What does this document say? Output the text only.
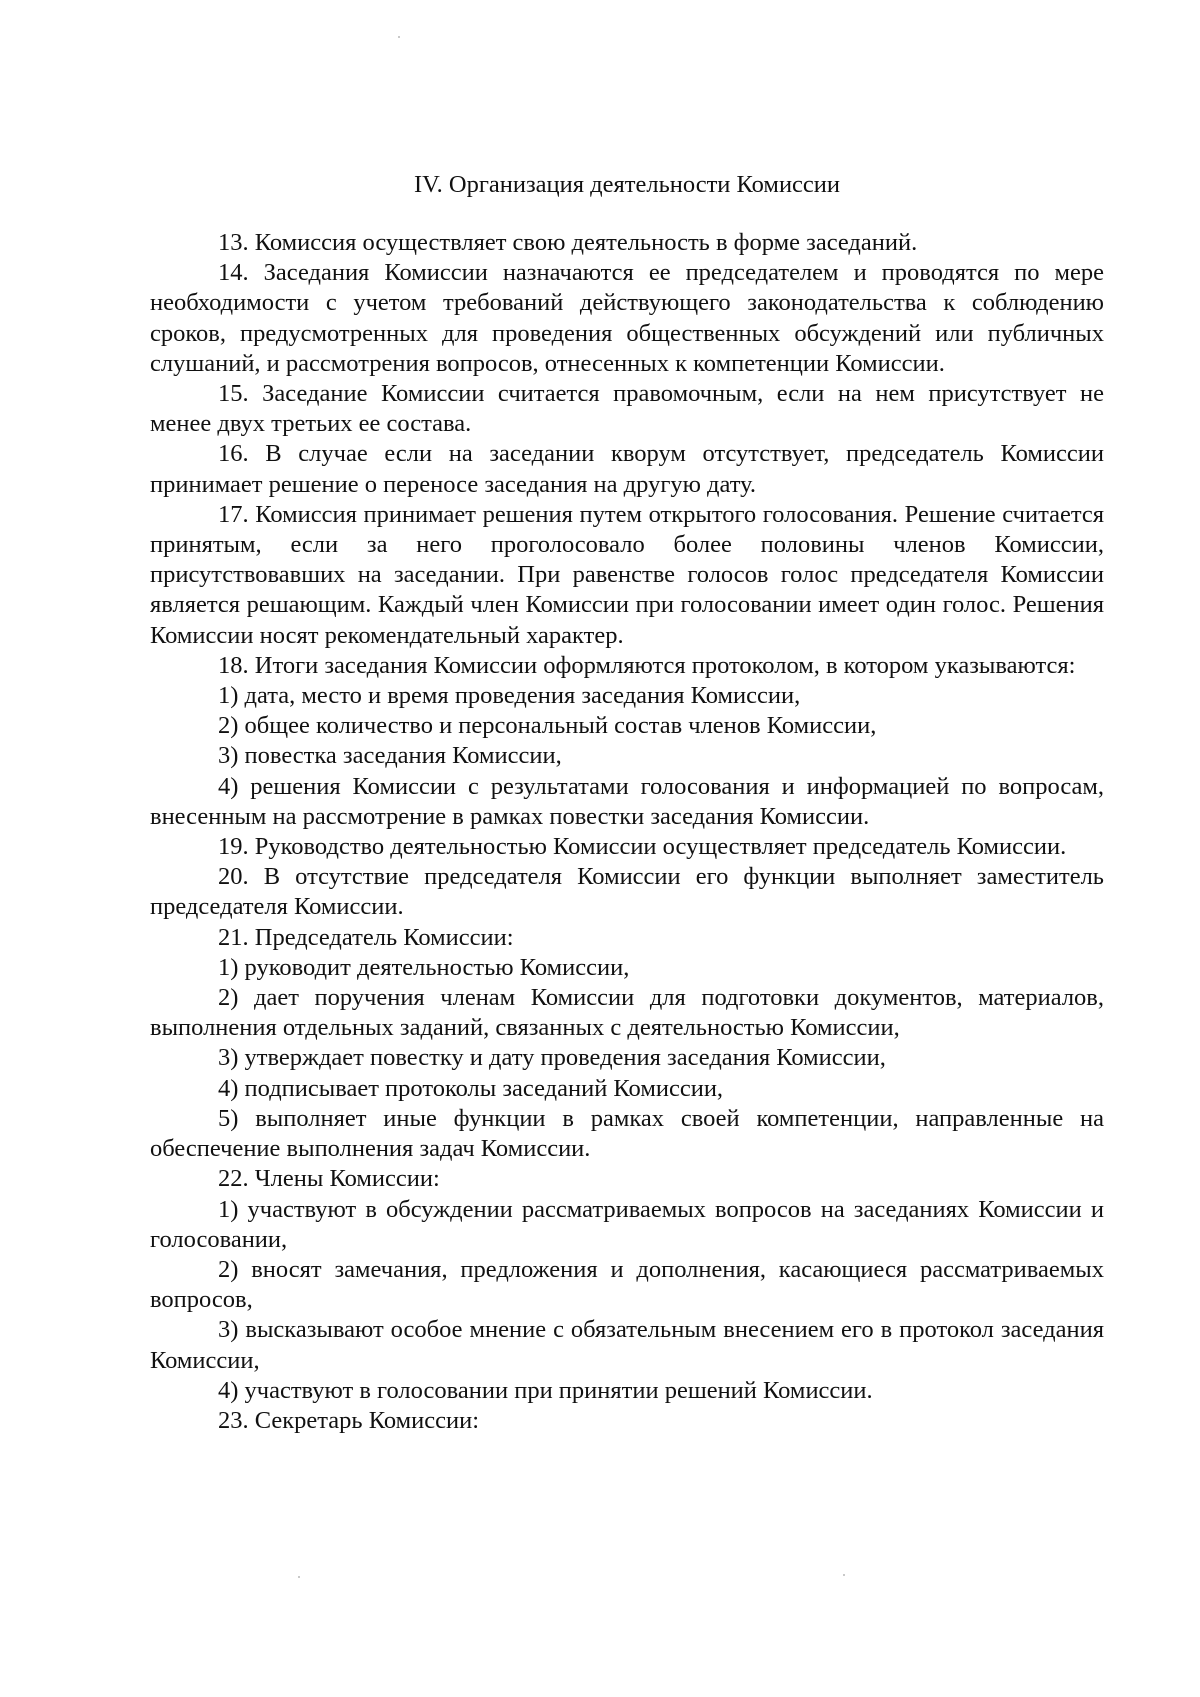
IV. Организация деятельности Комиссии

13. Комиссия осуществляет свою деятельность в форме заседаний.

14. Заседания Комиссии назначаются ее председателем и проводятся по мере необходимости с учетом требований действующего законодательства к соблюдению сроков, предусмотренных для проведения общественных обсуждений или публичных слушаний, и рассмотрения вопросов, отнесенных к компетенции Комиссии.

15. Заседание Комиссии считается правомочным, если на нем присутствует не менее двух третьих ее состава.

16. В случае если на заседании кворум отсутствует, председатель Комиссии принимает решение о переносе заседания на другую дату.

17. Комиссия принимает решения путем открытого голосования. Решение считается принятым, если за него проголосовало более половины членов Комиссии, присутствовавших на заседании. При равенстве голосов голос председателя Комиссии является решающим. Каждый член Комиссии при голосовании имеет один голос. Решения Комиссии носят рекомендательный характер.

18. Итоги заседания Комиссии оформляются протоколом, в котором указываются:

1) дата, место и время проведения заседания Комиссии,

2) общее количество и персональный состав членов Комиссии,

3) повестка заседания Комиссии,

4) решения Комиссии с результатами голосования и информацией по вопросам, внесенным на рассмотрение в рамках повестки заседания Комиссии.

19. Руководство деятельностью Комиссии осуществляет председатель Комиссии.

20. В отсутствие председателя Комиссии его функции выполняет заместитель председателя Комиссии.

21. Председатель Комиссии:

1) руководит деятельностью Комиссии,

2) дает поручения членам Комиссии для подготовки документов, материалов, выполнения отдельных заданий, связанных с деятельностью Комиссии,

3) утверждает повестку и дату проведения заседания Комиссии,

4) подписывает протоколы заседаний Комиссии,

5) выполняет иные функции в рамках своей компетенции, направленные на обеспечение выполнения задач Комиссии.

22. Члены Комиссии:

1) участвуют в обсуждении рассматриваемых вопросов на заседаниях Комиссии и голосовании,

2) вносят замечания, предложения и дополнения, касающиеся рассматриваемых вопросов,

3) высказывают особое мнение с обязательным внесением его в протокол заседания Комиссии,

4) участвуют в голосовании при принятии решений Комиссии.

23. Секретарь Комиссии:
